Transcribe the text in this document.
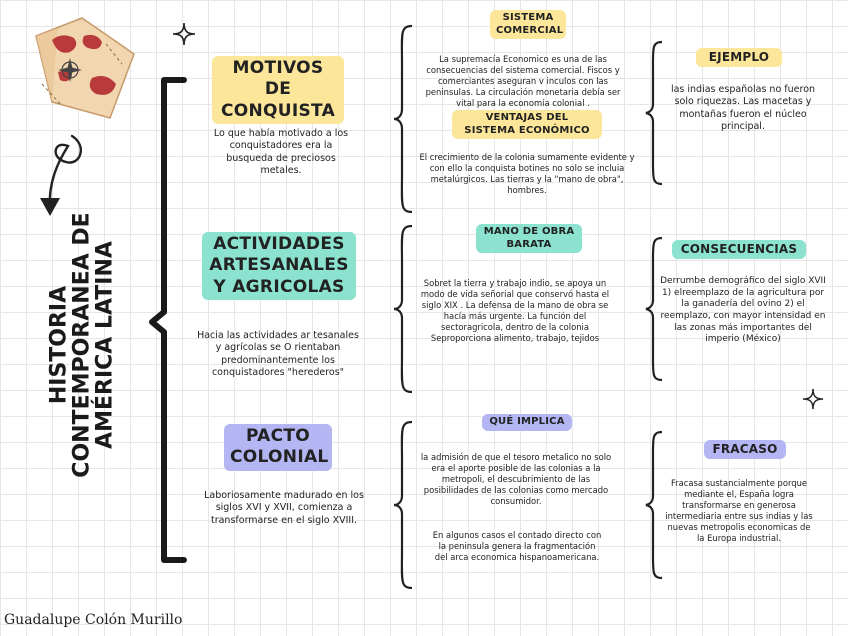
HISTORIA
CONTEMPORANEA DE
AMÉRICA LATINA
MOTIVOS DE
CONQUISTA
Lo que había motivado a los conquistadores era la busqueda de preciosos metales.
SISTEMA
COMERCIAL
La supremacía Economico es una de las consecuencias del sistema comercial. Fiscos y comerciantes aseguran v inculos con las peninsulas. La circulación monetaria debía ser vital para la economía colonial .
VENTAJAS DEL
SISTEMA ECONÓMICO
El crecimiento de la colonia sumamente evidente y con ello la conquista botines no solo se incluia metalúrgicos. Las tierras y la "mano de obra", hombres.
EJEMPLO
las indias españolas no fueron solo riquezas. Las macetas y montañas fueron el núcleo principal.
ACTIVIDADES
ARTESANALES
Y AGRICOLAS
Hacia las actividades ar tesanales y agrícolas se O rientaban predominantemente los conquistadores "herederos"
MANO DE OBRA
BARATA
Sobret la tierra y trabajo indio, se apoya un modo de vida señorial que conservó hasta el siglo XIX . La defensa de la mano de obra se hacía más urgente. La función del sectoragricola, dentro de la colonia Seproporciona alimento, trabajo, tejidos
CONSECUENCIAS
Derrumbe demográfico del siglo XVII 1) elreemplazo de la agricultura por la ganadería del ovino 2) el reemplazo, con mayor intensidad en las zonas más importantes del imperio (México)
PACTO
COLONIAL
Laboriosamente madurado en los siglos XVI y XVII, comienza a transformarse en el siglo XVIII.
QUÉ IMPLICA
la admisión de que el tesoro metalico no solo era el aporte posible de las colonias a la metropoli, el descubrimiento de las posibilidades de las colonias como mercado consumidor.
En algunos casos el contado directo con la peninsula genera la fragmentación del arca economica hispanoamericana.
FRACASO
Fracasa sustancialmente porque mediante el, España logra transformarse en generosa intermediaria entre sus indias y las nuevas metropolis economicas de la Europa industrial.
Guadalupe Colón Murillo
